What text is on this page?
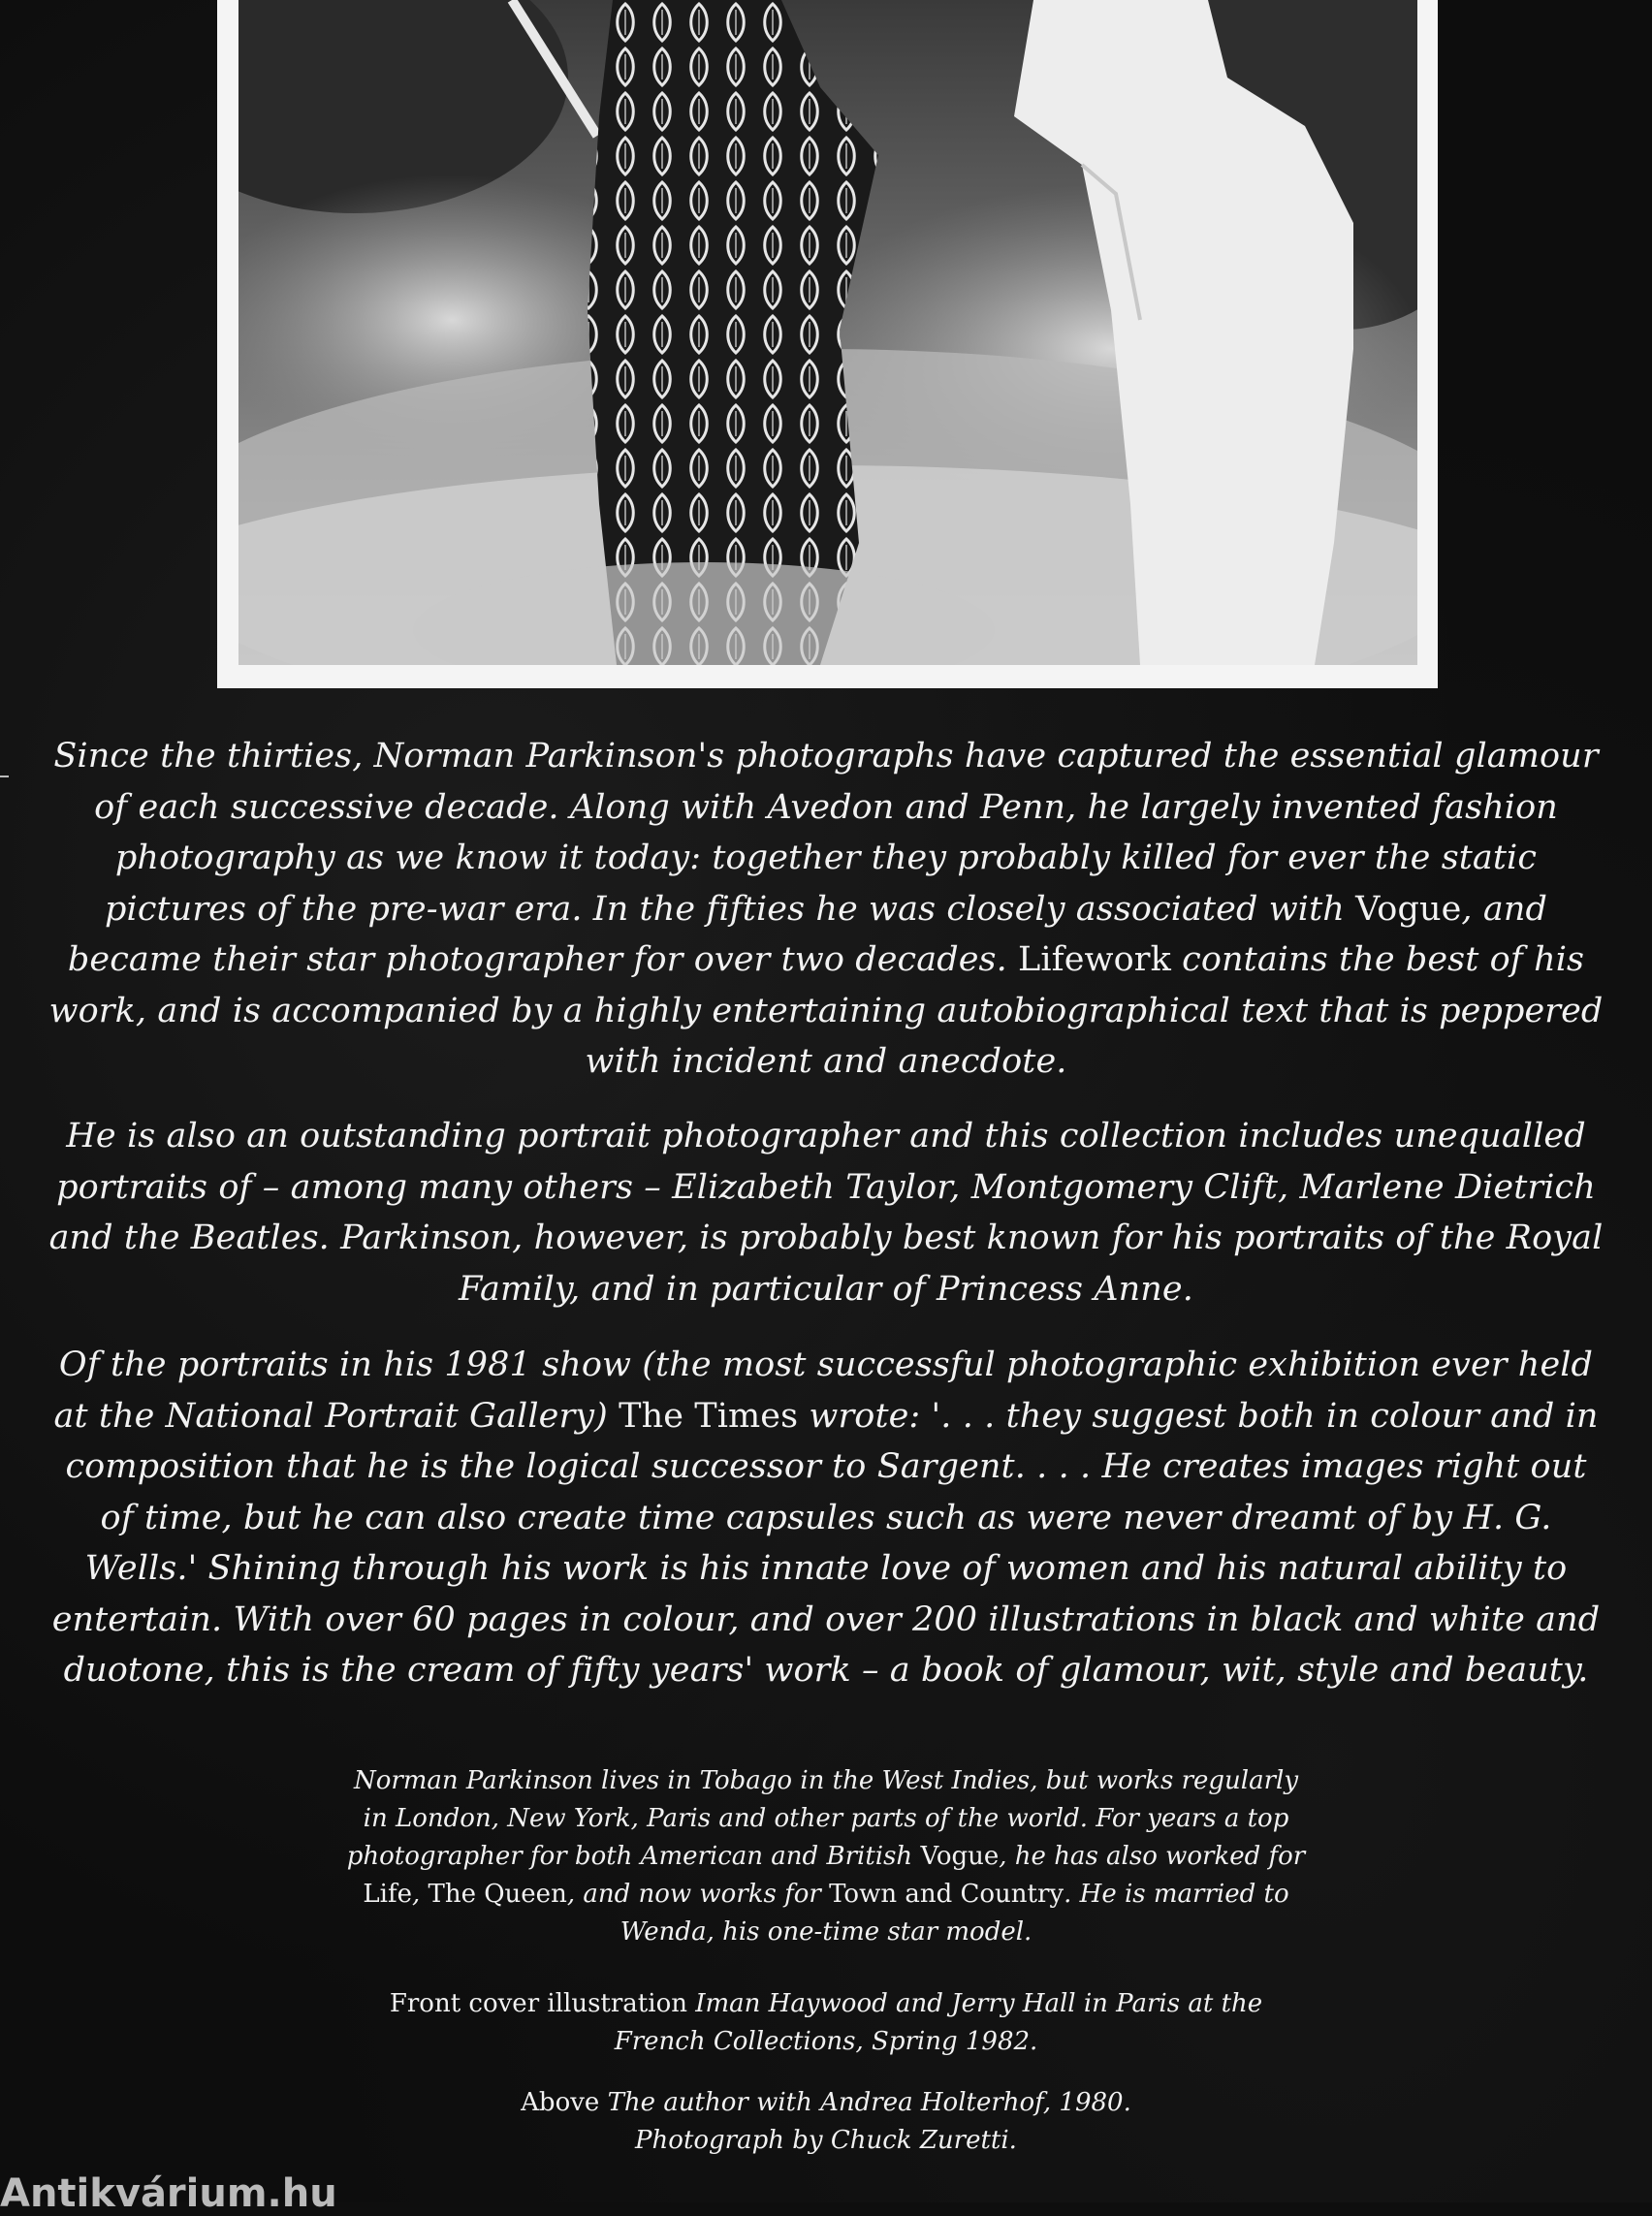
Since the thirties, Norman Parkinson's photographs have captured the essential glamour of each successive decade. Along with Avedon and Penn, he largely invented fashion photography as we know it today: together they probably killed for ever the static pictures of the pre-war era. In the fifties he was closely associated with Vogue, and became their star photographer for over two decades. Lifework contains the best of his work, and is accompanied by a highly entertaining autobiographical text that is peppered with incident and anecdote.

He is also an outstanding portrait photographer and this collection includes unequalled portraits of – among many others – Elizabeth Taylor, Montgomery Clift, Marlene Dietrich and the Beatles. Parkinson, however, is probably best known for his portraits of the Royal Family, and in particular of Princess Anne.

Of the portraits in his 1981 show (the most successful photographic exhibition ever held at the National Portrait Gallery) The Times wrote: '. . . they suggest both in colour and in composition that he is the logical successor to Sargent. . . . He creates images right out of time, but he can also create time capsules such as were never dreamt of by H. G. Wells.' Shining through his work is his innate love of women and his natural ability to entertain. With over 60 pages in colour, and over 200 illustrations in black and white and duotone, this is the cream of fifty years' work – a book of glamour, wit, style and beauty.

Norman Parkinson lives in Tobago in the West Indies, but works regularly in London, New York, Paris and other parts of the world. For years a top photographer for both American and British Vogue, he has also worked for Life, The Queen, and now works for Town and Country. He is married to Wenda, his one-time star model.

Front cover illustration Iman Haywood and Jerry Hall in Paris at the French Collections, Spring 1982.

Above The author with Andrea Holterhof, 1980.

Photograph by Chuck Zuretti.

Antikvárium.hu
